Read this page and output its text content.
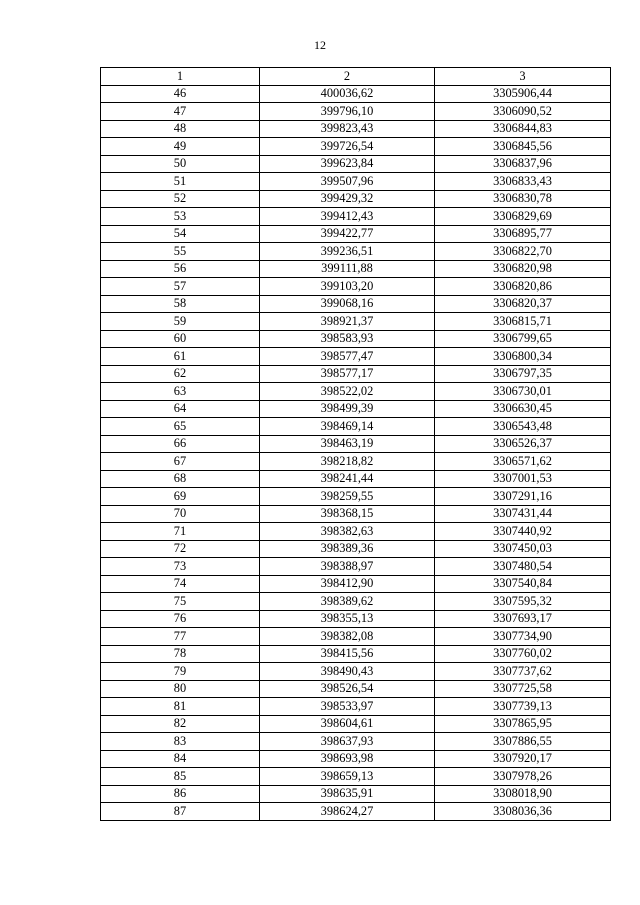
12
1	2	3
46	400036,62	3305906,44
47	399796,10	3306090,52
48	399823,43	3306844,83
49	399726,54	3306845,56
50	399623,84	3306837,96
51	399507,96	3306833,43
52	399429,32	3306830,78
53	399412,43	3306829,69
54	399422,77	3306895,77
55	399236,51	3306822,70
56	399111,88	3306820,98
57	399103,20	3306820,86
58	399068,16	3306820,37
59	398921,37	3306815,71
60	398583,93	3306799,65
61	398577,47	3306800,34
62	398577,17	3306797,35
63	398522,02	3306730,01
64	398499,39	3306630,45
65	398469,14	3306543,48
66	398463,19	3306526,37
67	398218,82	3306571,62
68	398241,44	3307001,53
69	398259,55	3307291,16
70	398368,15	3307431,44
71	398382,63	3307440,92
72	398389,36	3307450,03
73	398388,97	3307480,54
74	398412,90	3307540,84
75	398389,62	3307595,32
76	398355,13	3307693,17
77	398382,08	3307734,90
78	398415,56	3307760,02
79	398490,43	3307737,62
80	398526,54	3307725,58
81	398533,97	3307739,13
82	398604,61	3307865,95
83	398637,93	3307886,55
84	398693,98	3307920,17
85	398659,13	3307978,26
86	398635,91	3308018,90
87	398624,27	3308036,36
